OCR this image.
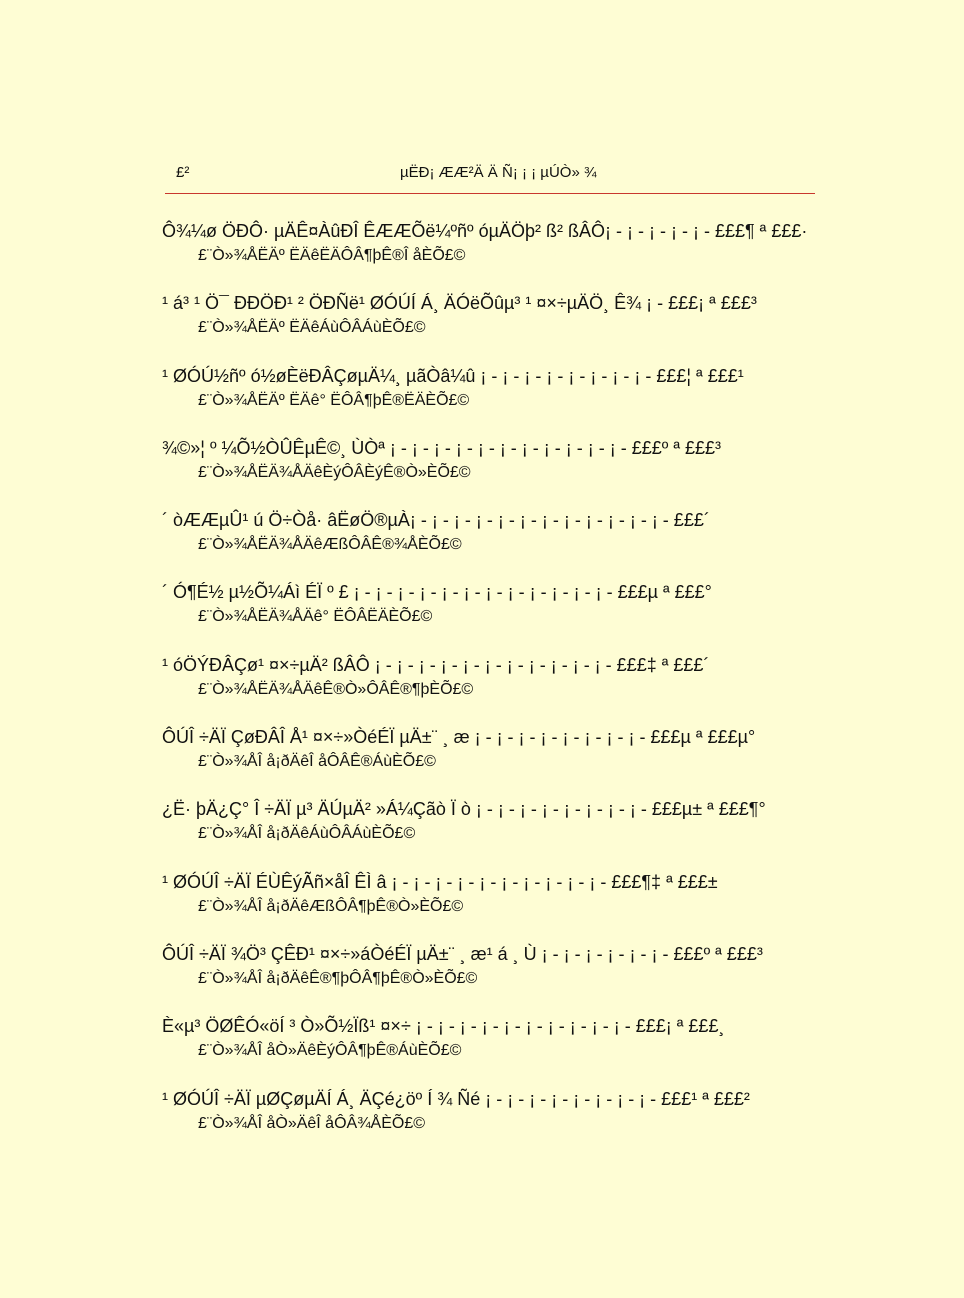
£²	µËÐ¡ ÆÆ²Ä Ä Ñ¡ ¡ ¡ µÚÒ» ¾
Ô¾¼ø ÖÐÔ· µÄÊ¤ÀûÐÎ ÊÆÆÕë¼ºñº óµÄÖþ² ß² ßÂÔ¡ - ¡ - ¡ - ¡ - ¡ - £££¶ ª £££·
£¨Ò»¾ÅËÄº ËÄêËÄÔÂ¶þÊ®Î åÈÕ£©
¹ á³ ¹ Ö¯ ÐÐÖÐ¹ ² ÖÐÑë¹ ØÓÚÍ Á¸ ÄÓëÕûµ³ ¹ ¤×÷µÄÖ¸ Ê¾ ¡ - £££¡ ª £££³
£¨Ò»¾ÅËÄº ËÄêÁùÔÂÁùÈÕ£©
¹ ØÓÚ½ñº ó½øÈëÐÂÇøµÄ¼¸ µãÒâ¼û ¡ - ¡ - ¡ - ¡ - ¡ - ¡ - ¡ - ¡ - £££¦ ª £££¹
£¨Ò»¾ÅËÄº ËÄê° ËÔÂ¶þÊ®ËÄÈÕ£©
¾©»¦ º ¼Õ½ÒÛÊµÊ©¸ ÙÒª ¡ - ¡ - ¡ - ¡ - ¡ - ¡ - ¡ - ¡ - ¡ - ¡ - ¡ - £££º ª £££³
£¨Ò»¾ÅËÄ¾ÅÄêÈýÔÂÈýÊ®Ò»ÈÕ£©
´ òÆÆµÛ¹ ú Ö÷Òå· âËøÖ®µÀ¡ - ¡ - ¡ - ¡ - ¡ - ¡ - ¡ - ¡ - ¡ - ¡ - ¡ - ¡ - £££´
£¨Ò»¾ÅËÄ¾ÅÄêÆßÔÂÊ®¾ÅÈÕ£©
´ Ó¶É½ µ½Õ¼Áì ÉÏ º £ ¡ - ¡ - ¡ - ¡ - ¡ - ¡ - ¡ - ¡ - ¡ - ¡ - ¡ - ¡ - £££µ ª £££°
£¨Ò»¾ÅËÄ¾ÅÄê° ËÔÂËÄÈÕ£©
¹ óÖÝÐÂÇø¹ ¤×÷µÄ² ßÂÔ ¡ - ¡ - ¡ - ¡ - ¡ - ¡ - ¡ - ¡ - ¡ - ¡ - ¡ - £££‡ ª £££´
£¨Ò»¾ÅËÄ¾ÅÄêÊ®Ò»ÔÂÊ®¶þÈÕ£©
ÔÚÎ ÷ÄÏ ÇøÐÂÎ Å¹ ¤×÷»ÒéÉÏ µÄ±¨ ¸ æ ¡ - ¡ - ¡ - ¡ - ¡ - ¡ - ¡ - ¡ - £££µ ª £££µ°
£¨Ò»¾ÅÎ å¡ðÄêÎ åÔÂÊ®ÁùÈÕ£©
¿Ë· þÄ¿Ç° Î ÷ÄÏ µ³ ÄÚµÄ² »Á¼Çãò Ï ò ¡ - ¡ - ¡ - ¡ - ¡ - ¡ - ¡ - ¡ - £££µ± ª £££¶°
£¨Ò»¾ÅÎ å¡ðÄêÁùÔÂÁùÈÕ£©
¹ ØÓÚÎ ÷ÄÏ ÉÙÊýÃñ×åÎ ÊÌ â ¡ - ¡ - ¡ - ¡ - ¡ - ¡ - ¡ - ¡ - ¡ - ¡ - £££¶‡ ª £££±
£¨Ò»¾ÅÎ å¡ðÄêÆßÔÂ¶þÊ®Ò»ÈÕ£©
ÔÚÎ ÷ÄÏ ¾Ö³ ÇÊÐ¹ ¤×÷»áÒéÉÏ µÄ±¨ ¸ æ¹ á ¸ Ù ¡ - ¡ - ¡ - ¡ - ¡ - ¡ - £££º ª £££³
£¨Ò»¾ÅÎ å¡ðÄêÊ®¶þÔÂ¶þÊ®Ò»ÈÕ£©
È«µ³ ÖØÊÓ«öÍ ³ Ò»Õ½Ïß¹ ¤×÷ ¡ - ¡ - ¡ - ¡ - ¡ - ¡ - ¡ - ¡ - ¡ - ¡ - £££¡ ª £££¸
£¨Ò»¾ÅÎ åÒ»ÄêÈýÔÂ¶þÊ®ÁùÈÕ£©
¹ ØÓÚÎ ÷ÄÏ µØÇøµÄÍ Á¸ ÄÇé¿öº Í ¾ Ñé ¡ - ¡ - ¡ - ¡ - ¡ - ¡ - ¡ - ¡ - £££¹ ª £££²
£¨Ò»¾ÅÎ åÒ»ÄêÎ åÔÂ¾ÅÈÕ£©
